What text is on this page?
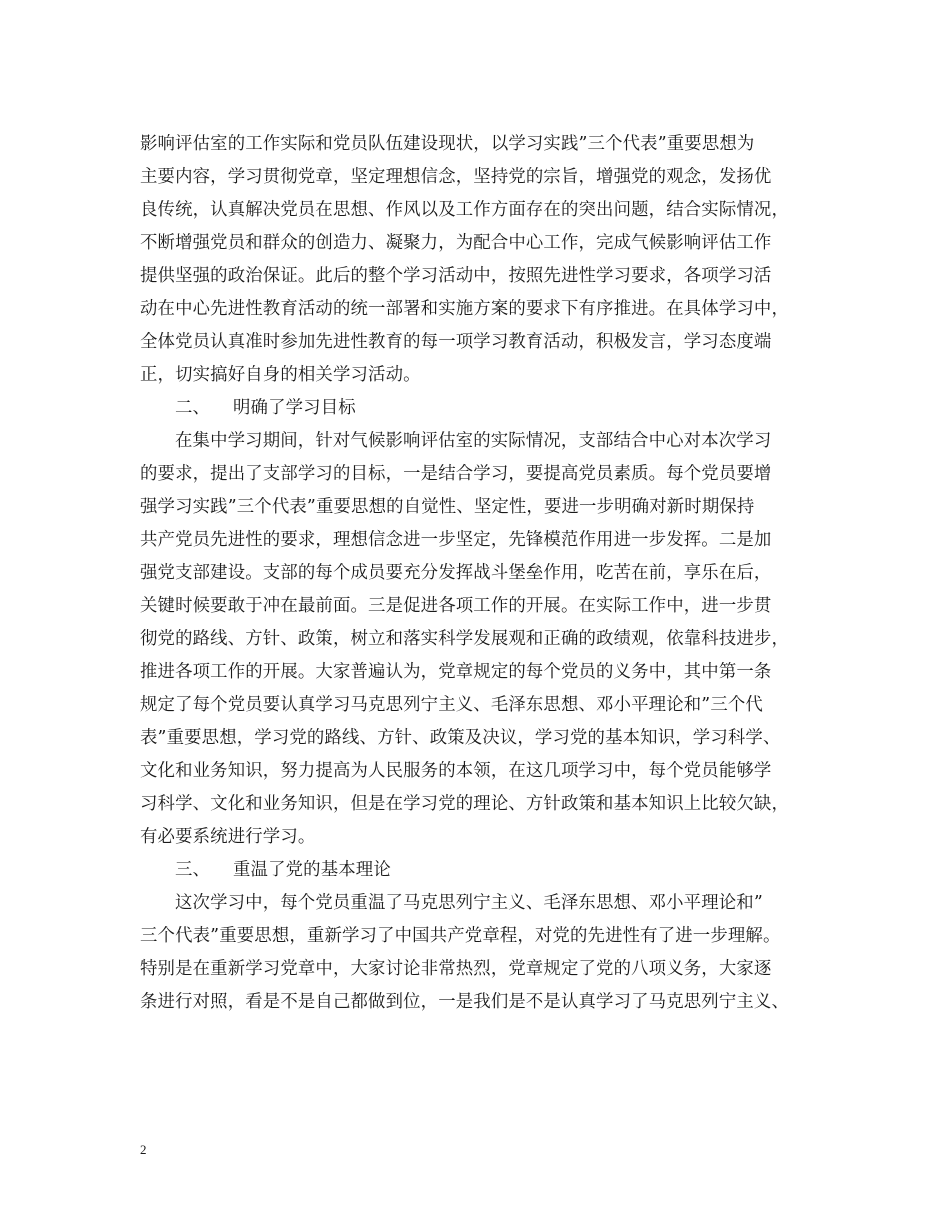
影响评估室的工作实际和党员队伍建设现状，以学习实践”三个代表”重要思想为
主要内容，学习贯彻党章，坚定理想信念，坚持党的宗旨，增强党的观念，发扬优
良传统，认真解决党员在思想、作风以及工作方面存在的突出问题，结合实际情况，
不断增强党员和群众的创造力、凝聚力，为配合中心工作，完成气候影响评估工作
提供坚强的政治保证。此后的整个学习活动中，按照先进性学习要求，各项学习活
动在中心先进性教育活动的统一部署和实施方案的要求下有序推进。在具体学习中，
全体党员认真准时参加先进性教育的每一项学习教育活动，积极发言，学习态度端
正，切实搞好自身的相关学习活动。
二、 明确了学习目标
在集中学习期间，针对气候影响评估室的实际情况，支部结合中心对本次学习
的要求，提出了支部学习的目标，一是结合学习，要提高党员素质。每个党员要增
强学习实践”三个代表”重要思想的自觉性、坚定性，要进一步明确对新时期保持
共产党员先进性的要求，理想信念进一步坚定，先锋模范作用进一步发挥。二是加
强党支部建设。支部的每个成员要充分发挥战斗堡垒作用，吃苦在前，享乐在后，
关键时候要敢于冲在最前面。三是促进各项工作的开展。在实际工作中，进一步贯
彻党的路线、方针、政策，树立和落实科学发展观和正确的政绩观，依靠科技进步，
推进各项工作的开展。大家普遍认为，党章规定的每个党员的义务中，其中第一条
规定了每个党员要认真学习马克思列宁主义、毛泽东思想、邓小平理论和”三个代
表”重要思想，学习党的路线、方针、政策及决议，学习党的基本知识，学习科学、
文化和业务知识，努力提高为人民服务的本领，在这几项学习中，每个党员能够学
习科学、文化和业务知识，但是在学习党的理论、方针政策和基本知识上比较欠缺，
有必要系统进行学习。
三、 重温了党的基本理论
这次学习中，每个党员重温了马克思列宁主义、毛泽东思想、邓小平理论和”
三个代表”重要思想，重新学习了中国共产党章程，对党的先进性有了进一步理解。
特别是在重新学习党章中，大家讨论非常热烈，党章规定了党的八项义务，大家逐
条进行对照，看是不是自己都做到位，一是我们是不是认真学习了马克思列宁主义、
2
